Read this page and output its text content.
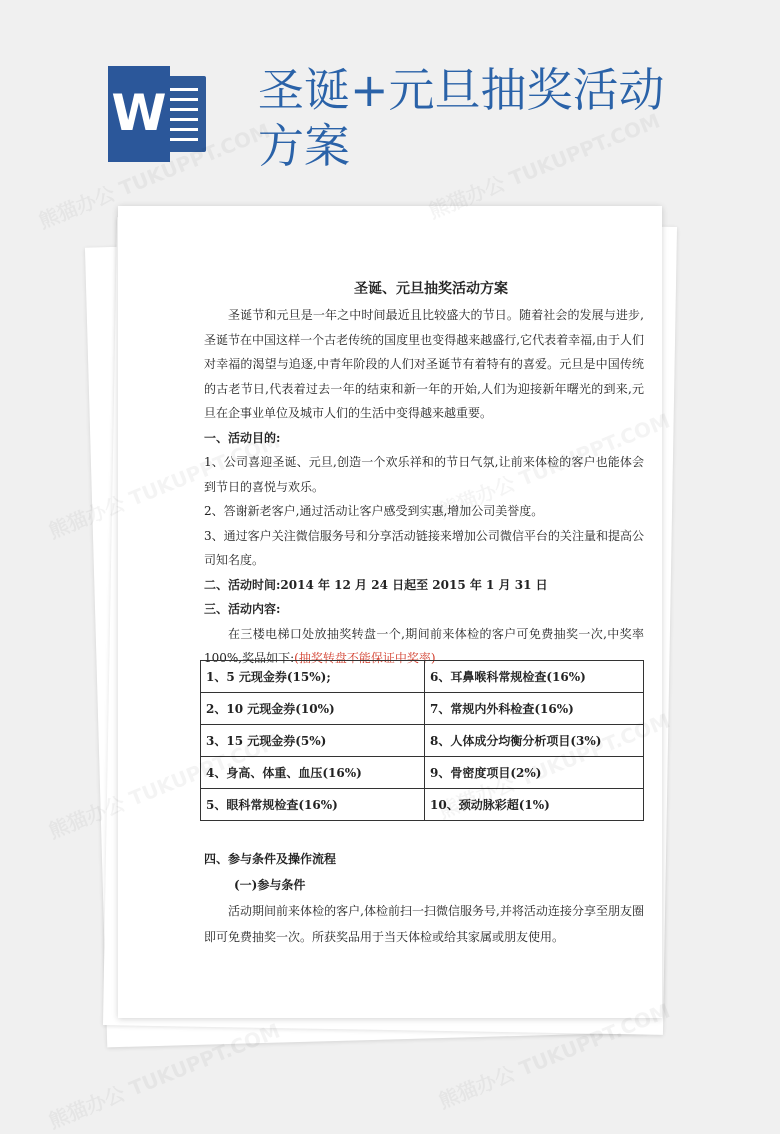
W 圣诞+元旦抽奖活动方案

圣诞、元旦抽奖活动方案

圣诞节和元旦是一年之中时间最近且比较盛大的节日。随着社会的发展与进步,圣诞节在中国这样一个古老传统的国度里也变得越来越盛行,它代表着幸福,由于人们对幸福的渴望与追逐,中青年阶段的人们对圣诞节有着特有的喜爱。元旦是中国传统的古老节日,代表着过去一年的结束和新一年的开始,人们为迎接新年曙光的到来,元旦在企事业单位及城市人们的生活中变得越来越重要。

一、活动目的:

1、公司喜迎圣诞、元旦,创造一个欢乐祥和的节日气氛,让前来体检的客户也能体会到节日的喜悦与欢乐。

2、答谢新老客户,通过活动让客户感受到实惠,增加公司美誉度。

3、通过客户关注微信服务号和分享活动链接来增加公司微信平台的关注量和提高公司知名度。

二、活动时间:2014 年 12 月 24 日起至 2015 年 1 月 31 日

三、活动内容:

在三楼电梯口处放抽奖转盘一个,期间前来体检的客户可免费抽奖一次,中奖率 100%,奖品如下:(抽奖转盘不能保证中奖率)

1、5 元现金券(15%);	6、耳鼻喉科常规检查(16%)
2、10 元现金券(10%)	7、常规内外科检查(16%)
3、15 元现金券(5%)	8、人体成分均衡分析项目(3%)
4、身高、体重、血压(16%)	9、骨密度项目(2%)
5、眼科常规检查(16%)	10、颈动脉彩超(1%)

四、参与条件及操作流程

(一)参与条件

活动期间前来体检的客户,体检前扫一扫微信服务号,并将活动连接分享至朋友圈即可免费抽奖一次。所获奖品用于当天体检或给其家属或朋友使用。
